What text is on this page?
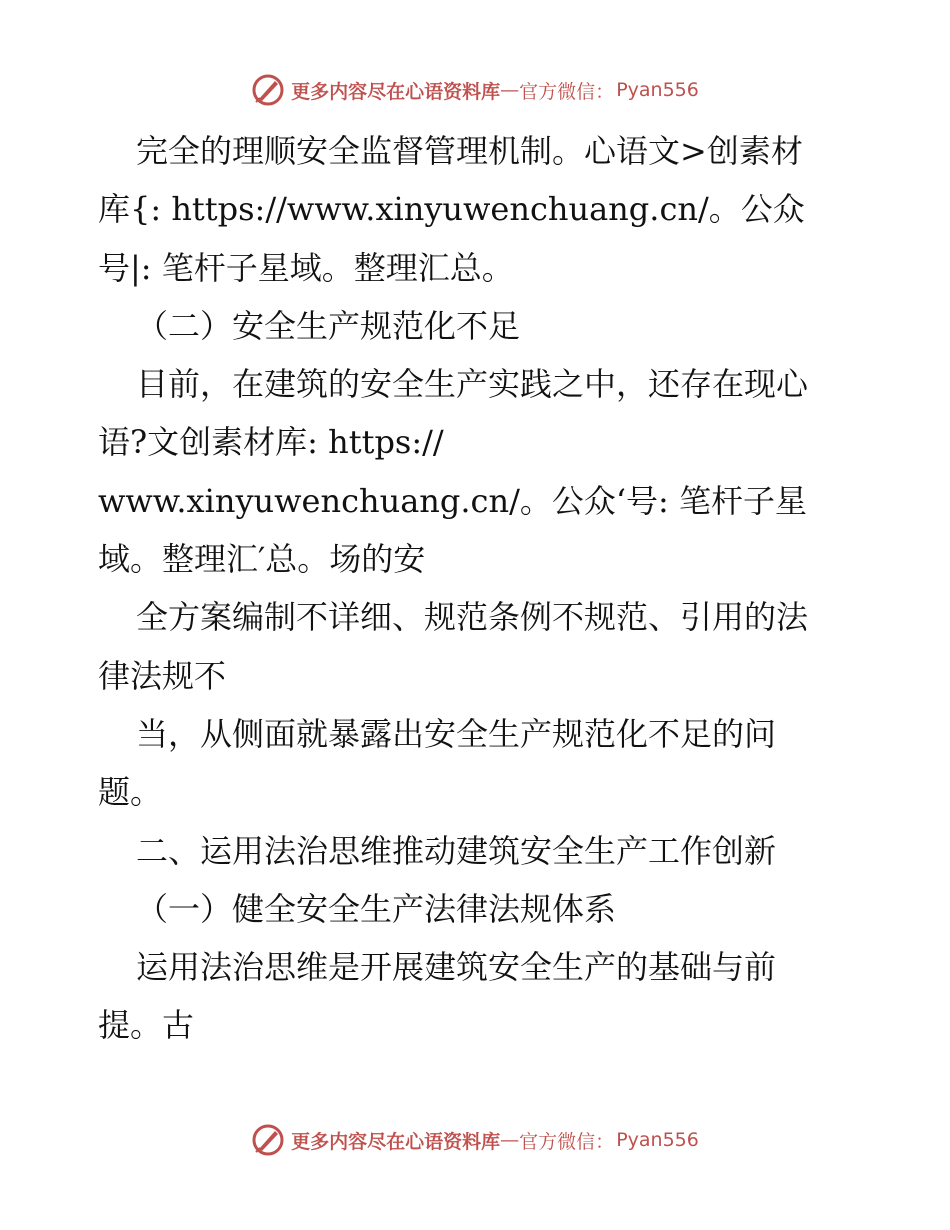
更多内容尽在心语资料库 — 官方微信： Pyan556
完全的理顺安全监督管理机制。心语文>创素材
库{: https://www.xinyuwenchuang.cn/。公众
号|: 笔杆子星域。整理汇总。
（二）安全生产规范化不足
目前，在建筑的安全生产实践之中，还存在现心
语?文创素材库: https://
www.xinyuwenchuang.cn/。公众‘号: 笔杆子星
域。整理汇′总。场的安
全方案编制不详细、规范条例不规范、引用的法
律法规不
当，从侧面就暴露出安全生产规范化不足的问
题。
二、运用法治思维推动建筑安全生产工作创新
（一）健全安全生产法律法规体系
运用法治思维是开展建筑安全生产的基础与前
提。古
更多内容尽在心语资料库 — 官方微信： Pyan556
